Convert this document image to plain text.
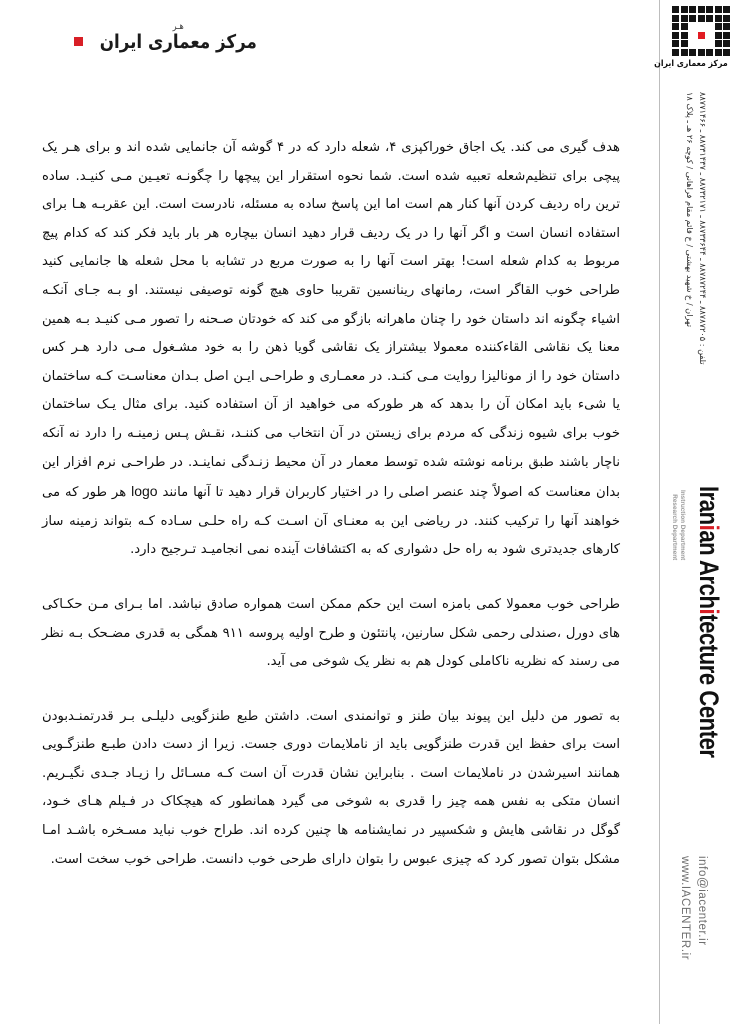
هـر
مرکز معماری ایران

هدف گیری می کند. یک اجاق خوراکپزی ۴، شعله دارد که در ۴ گوشه آن جانمایی شده اند و برای هـر یک پیچی برای تنظیم‌شعله تعبیه شده است. شما نحوه استقرار این پیچها را چگونـه تعیـین مـی کنیـد. ساده ترین راه ردیف کردن آنها کنار هم است اما این پاسخ ساده به مسئله، نادرست است. این عقربـه هـا برای استفاده انسان است و اگر آنها را در یک ردیف قرار دهید انسان بیچاره هر بار باید فکر کند که کدام پیچ مربوط به کدام شعله است! بهتر است آنها را به صورت مربع در تشابه با محل شعله ها جانمایی کنید طراحی خوب القاگر است، رمانهای رینانسین تقریبا حاوی هیچ گونه توصیفی نیستند. او بـه جـای آنکـه اشیاء چگونه اند داستان خود را چنان ماهرانه بازگو می کند که خودتان صـحنه را تصور مـی کنیـد بـه همین معنا یک نقاشی القاءکننده معمولا بیشتراز یک نقاشی گویا ذهن را به خود مشـغول مـی دارد هـر کس داستان خود را از مونالیزا روایت مـی کنـد. در معمـاری و طراحـی ایـن اصل بـدان معناسـت کـه ساختمان یا شیء باید امکان آن را بدهد که هر طورکه می خواهید از آن استفاده کنید. برای مثال یـک ساختمان خوب برای شیوه زندگی که مردم برای زیستن در آن انتخاب می کننـد، نقـش پـس زمینـه را دارد نه آنکه ناچار باشند طبق برنامه نوشته شده توسط معمار در آن محیط زنـدگی نماینـد. در طراحـی نرم افزار این بدان معناست که اصولاً چند عنصر اصلی را در اختیار کاربران قرار دهید تا آنها مانند logo هر طور که می خواهند آنها را ترکیب کنند. در ریاضی این به معنـای آن اسـت کـه راه حلـی سـاده کـه بتواند زمینه ساز کارهای جدیدتری شود به راه حل دشواری که به اکتشافات آینده نمی انجامیـد تـرجیح دارد.

طراحی خوب معمولا کمی بامزه است این حکم ممکن است همواره صادق نباشد. اما بـرای مـن حکـاکی های دورل ،صندلی رحمی شکل سارنین، پانتئون و طرح اولیه پروسه ۹۱۱ همگی به قدری مضـحک بـه نظر می رسند که نظریه ناکاملی کودل هم به نظر یک شوخی می آید.

به تصور من دلیل این پیوند بیان طنز و توانمندی است. داشتن طبع طنزگویی دلیلـی بـر قدرتمنـدبودن است برای حفظ این قدرت طنزگویی باید از ناملایمات دوری جست. زیرا از دست دادن طبـع طنزگـویی همانند اسیرشدن در ناملایمات است . بنابراین نشان قدرت آن است کـه مسـائل را زیـاد جـدی نگیـریم. انسان متکی به نفس همه چیز را قدری به شوخی می گیرد همانطور که هیچکاک در فـیلم هـای خـود، گوگل در نقاشی هایش و شکسپیر در نمایشنامه ها چنین کرده اند. طراح خوب نباید مسـخره باشـد امـا مشکل بتوان تصور کرد که چیزی عبوس را بتوان دارای طرحی خوب دانست. طراحی خوب سخت است.

مرکز معماری ایران
تهران / خ شهید بهشتی / خ قائم مقام فراهانی / کوچه ۲۶ هـ ـ پلاک ۱۸
تلفن : ۸۸۷۸۷۲۰۵ ـ ۸۸۷۸۷۲۴۴ ـ ۸۸۷۳۳۶۴۴ ـ ۸۸۷۳۲۱۷۱ ـ ۸۸۷۳۱۴۳۷ ـ ۸۸۷۷۱۴۶۶
Iranian Architecture Center
Instruction Department
Research Department
www.IACENTER.ir info@iacenter.ir
